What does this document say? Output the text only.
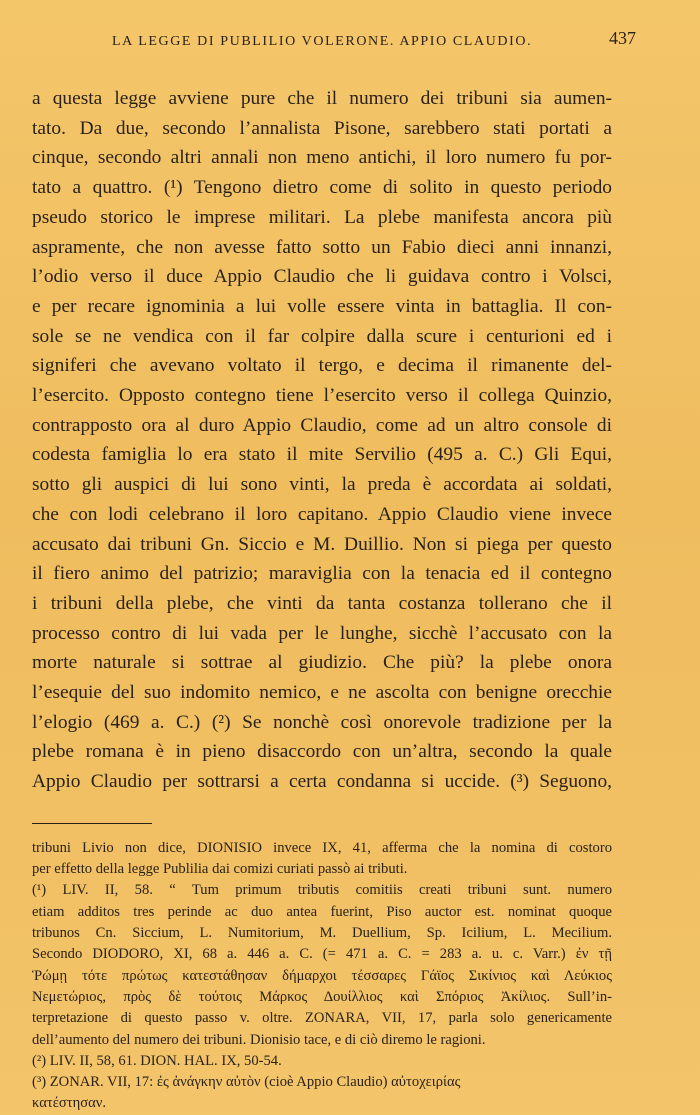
LA LEGGE DI PUBLILIO VOLERONE. APPIO CLAUDIO.	437
a questa legge avviene pure che il numero dei tribuni sia aumen-
tato. Da due, secondo l’annalista Pisone, sarebbero stati portati a
cinque, secondo altri annali non meno antichi, il loro numero fu por-
tato a quattro. (¹) Tengono dietro come di solito in questo periodo
pseudo storico le imprese militari. La plebe manifesta ancora più
aspramente, che non avesse fatto sotto un Fabio dieci anni innanzi,
l’odio verso il duce Appio Claudio che li guidava contro i Volsci,
e per recare ignominia a lui volle essere vinta in battaglia. Il con-
sole se ne vendica con il far colpire dalla scure i centurioni ed i
signiferi che avevano voltato il tergo, e decima il rimanente del-
l’esercito. Opposto contegno tiene l’esercito verso il collega Quinzio,
contrapposto ora al duro Appio Claudio, come ad un altro console di
codesta famiglia lo era stato il mite Servilio (495 a. C.) Gli Equi,
sotto gli auspici di lui sono vinti, la preda è accordata ai soldati,
che con lodi celebrano il loro capitano. Appio Claudio viene invece
accusato dai tribuni Gn. Siccio e M. Duillio. Non si piega per questo
il fiero animo del patrizio; maraviglia con la tenacia ed il contegno
i tribuni della plebe, che vinti da tanta costanza tollerano che il
processo contro di lui vada per le lunghe, sicchè l’accusato con la
morte naturale si sottrae al giudizio. Che più? la plebe onora
l’esequie del suo indomito nemico, e ne ascolta con benigne orecchie
l’elogio (469 a. C.) (²) Se nonchè così onorevole tradizione per la
plebe romana è in pieno disaccordo con un’altra, secondo la quale
Appio Claudio per sottrarsi a certa condanna si uccide. (³) Seguono,
tribuni Livio non dice, DIONISIO invece IX, 41, afferma che la nomina di costoro
per effetto della legge Publilia dai comizi curiati passò ai tributi.
(¹) LIV. II, 58. “ Tum primum tributis comitiis creati tribuni sunt. numero
etiam additos tres perinde ac duo antea fuerint, Piso auctor est. nominat quoque
tribunos Cn. Siccium, L. Numitorium, M. Duellium, Sp. Icilium, L. Mecilium.
Secondo DIODORO, XI, 68 a. 446 a. C. (= 471 a. C. = 283 a. u. c. Varr.) ἐν τῇ
Ῥώμῃ τότε πρώτως κατεστάθησαν δήμαρχοι τέσσαρες Γάϊος Σικίνιος καὶ Λεύκιος
Νεμετώριος, πρὸς δὲ τούτοις Μάρκος Δουίλλιος καὶ Σπόριος Ἀκίλιος. Sull’in-
terpretazione di questo passo v. oltre. ZONARA, VII, 17, parla solo genericamente
dell’aumento del numero dei tribuni. Dionisio tace, e di ciò diremo le ragioni.
(²) LIV. II, 58, 61. DION. HAL. IX, 50-54.
(³) ZONAR. VII, 17: ἐς ἀνάγκην αὐτὸν (cioè Appio Claudio) αὐτοχειρίας
κατέστησαν.
